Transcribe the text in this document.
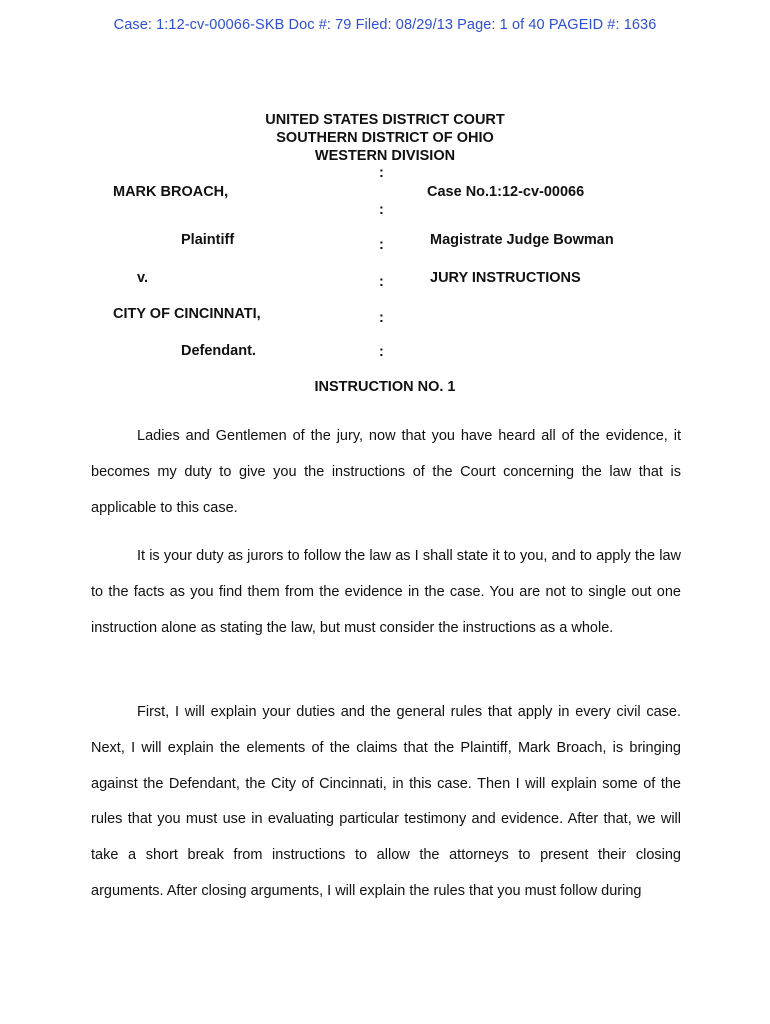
Case: 1:12-cv-00066-SKB Doc #: 79 Filed: 08/29/13 Page: 1 of 40 PAGEID #: 1636
UNITED STATES DISTRICT COURT
SOUTHERN DISTRICT OF OHIO
WESTERN DIVISION
MARK BROACH,
Plaintiff
v.
CITY OF CINCINNATI,
Defendant.
:
:
:
:
:
:
Case No.1:12-cv-00066
Magistrate Judge Bowman
JURY INSTRUCTIONS
INSTRUCTION NO. 1

Ladies and Gentlemen of the jury, now that you have heard all of the evidence, it becomes my duty to give you the instructions of the Court concerning the law that is applicable to this case.

It is your duty as jurors to follow the law as I shall state it to you, and to apply the law to the facts as you find them from the evidence in the case. You are not to single out one instruction alone as stating the law, but must consider the instructions as a whole.

First, I will explain your duties and the general rules that apply in every civil case. Next, I will explain the elements of the claims that the Plaintiff, Mark Broach, is bringing against the Defendant, the City of Cincinnati, in this case. Then I will explain some of the rules that you must use in evaluating particular testimony and evidence. After that, we will take a short break from instructions to allow the attorneys to present their closing arguments. After closing arguments, I will explain the rules that you must follow during
